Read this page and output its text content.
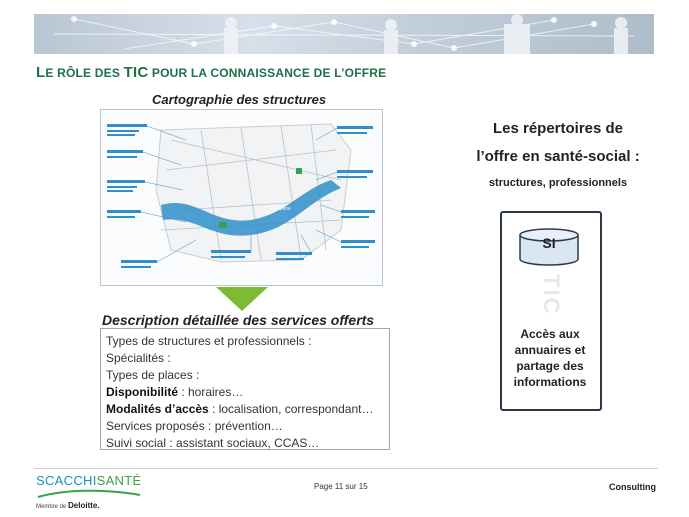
LE RÔLE DES TIC POUR LA CONNAISSANCE DE L’OFFRE
Cartographie des structures
La Seine
Description détaillée des services offerts
Types de structures et professionnels :
Spécialités :
Types de places :
Disponibilité : horaires…
Modalités d’accès : localisation, correspondant…
Services proposés : prévention…
Suivi social : assistant sociaux, CCAS…
Les répertoires de
l’offre en santé-social :
structures, professionnels
SI
TIC
Accès aux annuaires et partage des informations
SCACCHISANTÉ
Membre de Deloitte.
Page 11 sur 15	Consulting
